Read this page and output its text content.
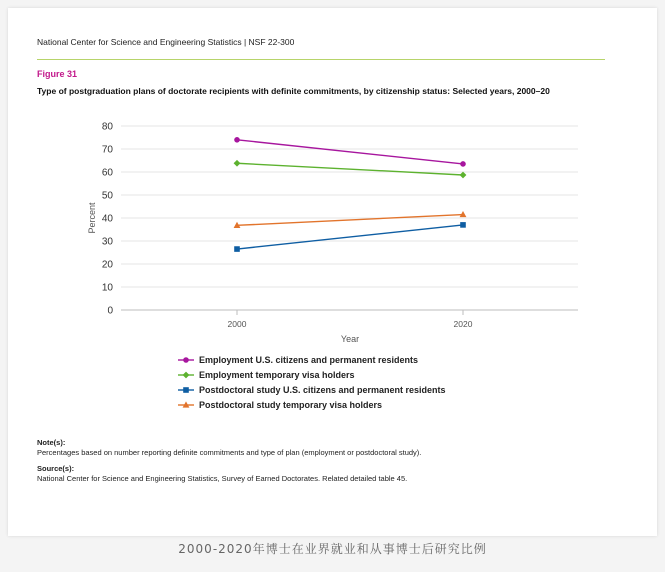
National Center for Science and Engineering Statistics | NSF 22-300
Figure 31
Type of postgraduation plans of doctorate recipients with definite commitments, by citizenship status: Selected years, 2000–20
0
10
20
30
40
50
60
70
80
2000	2020
Percent
Year
Employment U.S. citizens and permanent residents
Employment temporary visa holders
Postdoctoral study U.S. citizens and permanent residents
Postdoctoral study temporary visa holders
Note(s):
Percentages based on number reporting definite commitments and type of plan (employment or postdoctoral study).
Source(s):
National Center for Science and Engineering Statistics, Survey of Earned Doctorates. Related detailed table 45.
2000-2020年博士在业界就业和从事博士后研究比例
